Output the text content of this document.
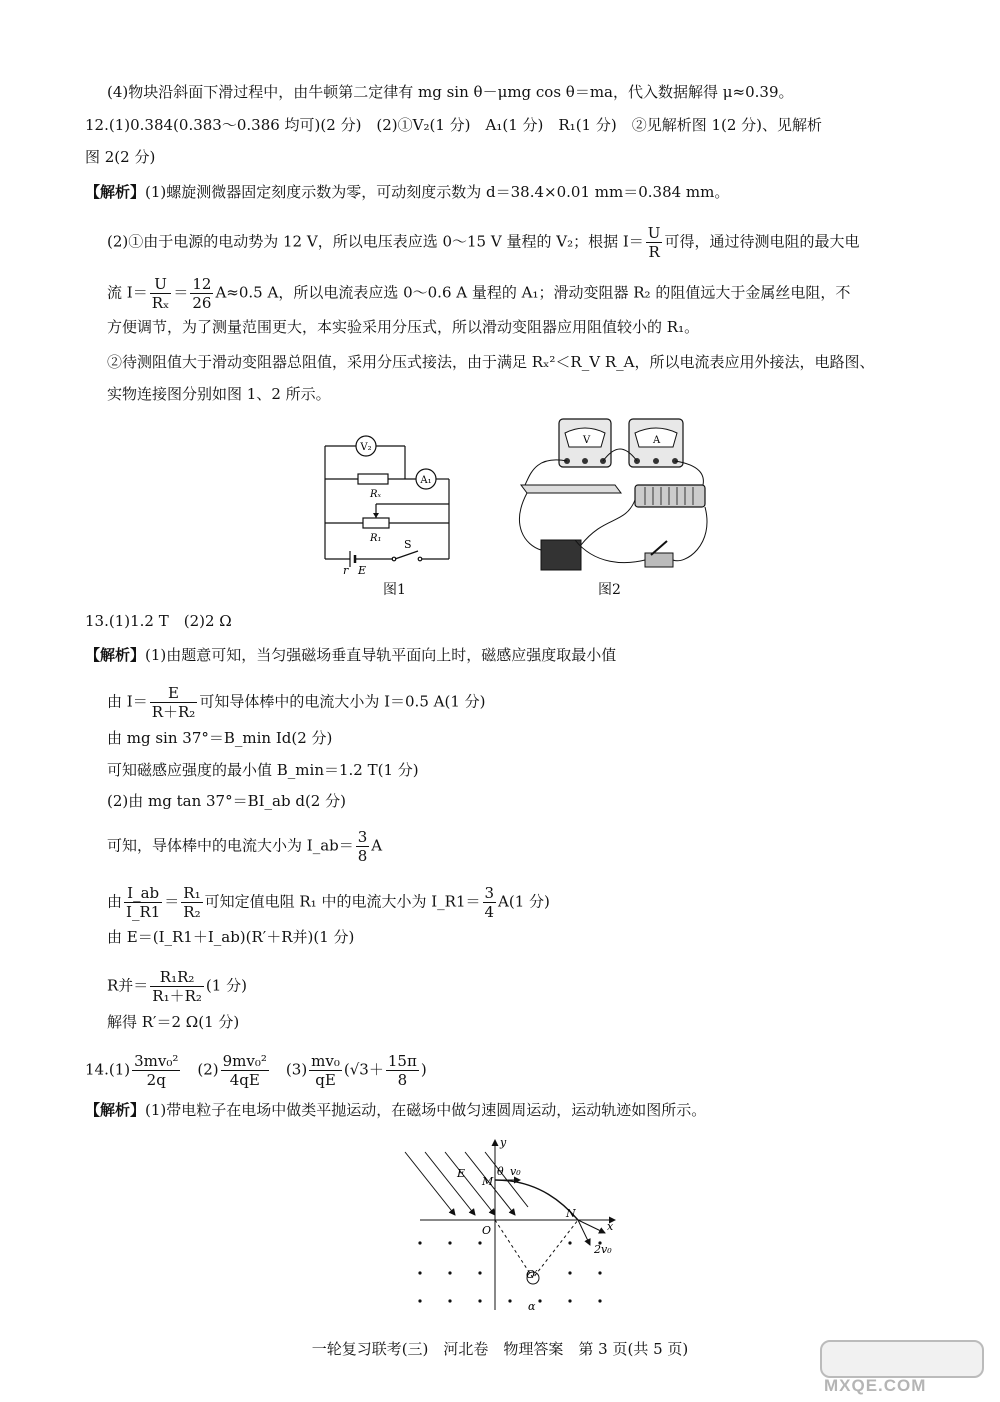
(4)物块沿斜面下滑过程中，由牛顿第二定律有 mg sin θ－μmg cos θ＝ma，代入数据解得 μ≈0.39。
12.(1)0.384(0.383～0.386 均可)(2 分)　(2)①V₂(1 分)　A₁(1 分)　R₁(1 分)　②见解析图 1(2 分)、见解析
图 2(2 分)
【解析】(1)螺旋测微器固定刻度示数为零，可动刻度示数为 d＝38.4×0.01 mm＝0.384 mm。
(2)①由于电源的电动势为 12 V，所以电压表应选 0～15 V 量程的 V₂；根据 $I= \frac{U}{R}$ 可得，通过待测电阻的最大电
流 $I= \frac{U}{\text{Rₓ}} = \frac{12}{26} A\approx 0.5$ A，所以电流表应选 0～0.6 A 量程的 A₁；滑动变阻器 R₂ 的阻值远大于金属丝电阻，不
方便调节，为了测量范围更大，本实验采用分压式，所以滑动变阻器应用阻值较小的 R₁。
②待测阻值大于滑动变阻器总阻值，采用分压式接法，由于满足 Rₓ²＜R_V R_A，所以电流表应用外接法，电路图、
实物连接图分别如图 1、2 所示。
V₂
A₁
Rₓ
R₁ S
r E
V	A
图1	图2
13.(1)1.2 T　(2)2 Ω
【解析】(1)由题意可知，当匀强磁场垂直导轨平面向上时，磁感应强度取最小值
由 $I= \frac{E}{\text{R＋R₂}}$ 可知导体棒中的电流大小为 I＝0.5 A(1 分)
由 mg sin 37°＝B_min Id(2 分)
可知磁感应强度的最小值 B_min＝1.2 T(1 分)
(2)由 mg tan 37°＝BI_ab d(2 分)
可知，导体棒中的电流大小为 I_ab＝ $\frac{3}{8}$ A
由 $\frac{I\_ab}{I\_R1} = \frac{\text{R₁}}{\text{R₂}}$ 可知定值电阻 R₁ 中的电流大小为 I_R1＝ $\frac{3}{4} A(1$ 分)
由 E＝(I_R1＋I_ab)(R′＋R并)(1 分)
R并＝ $\frac{\text{R₁R₂}}{\text{R₁＋R₂}} (1$ 分)
解得 R′＝2 Ω(1 分)
$14.(1) \frac{\text{3mv₀²}}{2q}$ 　$(2) \frac{\text{9mv₀²}}{4qE}$ 　$(3) \frac{\text{mv₀}}{qE} (√3+ \frac{15\pi}{8}$ )
【解析】(1)带电粒子在电场中做类平抛运动，在磁场中做匀速圆周运动，运动轨迹如图所示。
y
x
E
M
θ v₀
O
N
2v₀
O′
α
一轮复习联考(三)　河北卷　物理答案　第 3 页(共 5 页)
MXQE.COM
